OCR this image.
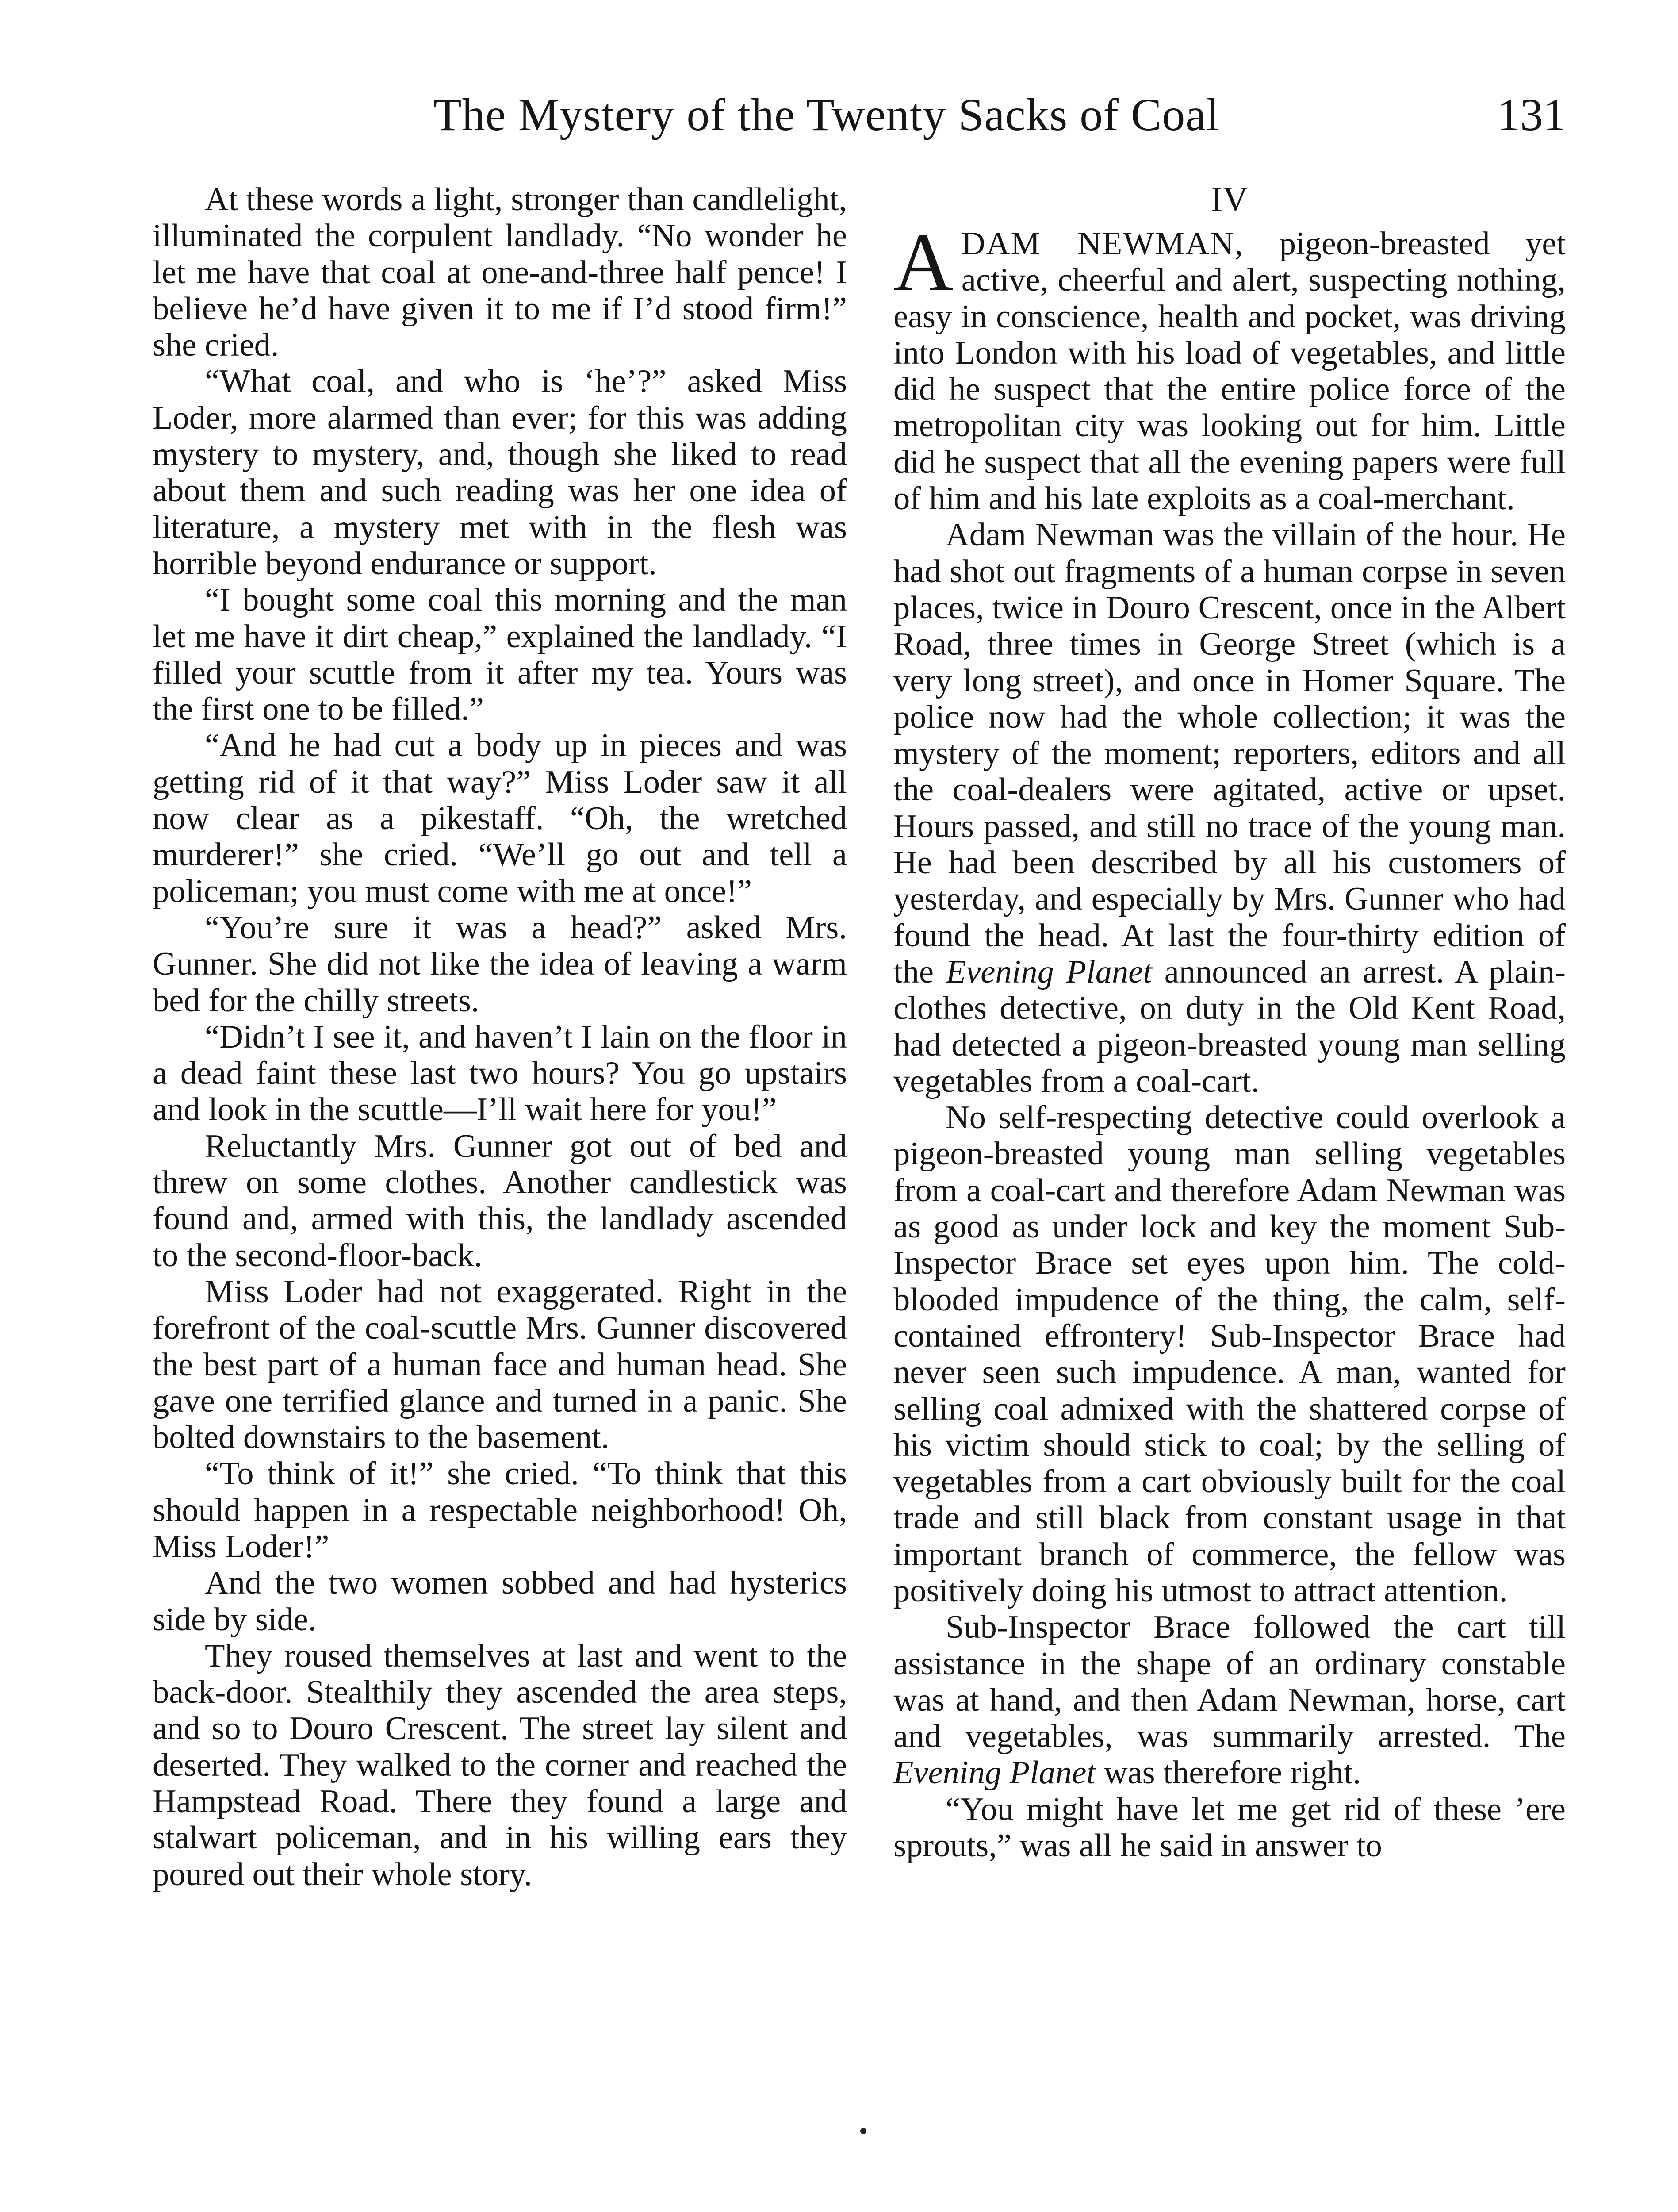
The Mystery of the Twenty Sacks of Coal	131

At these words a light, stronger than candlelight, illuminated the corpulent landlady. “No wonder he let me have that coal at one-and-three half pence! I believe he’d have given it to me if I’d stood firm!” she cried.

“What coal, and who is ‘he’?” asked Miss Loder, more alarmed than ever; for this was adding mystery to mystery, and, though she liked to read about them and such reading was her one idea of literature, a mystery met with in the flesh was horrible beyond endurance or support.

“I bought some coal this morning and the man let me have it dirt cheap,” explained the landlady. “I filled your scuttle from it after my tea. Yours was the first one to be filled.”

“And he had cut a body up in pieces and was getting rid of it that way?” Miss Loder saw it all now clear as a pikestaff. “Oh, the wretched murderer!” she cried. “We’ll go out and tell a policeman; you must come with me at once!”

“You’re sure it was a head?” asked Mrs. Gunner. She did not like the idea of leaving a warm bed for the chilly streets.

“Didn’t I see it, and haven’t I lain on the floor in a dead faint these last two hours? You go upstairs and look in the scuttle—I’ll wait here for you!”

Reluctantly Mrs. Gunner got out of bed and threw on some clothes. Another candlestick was found and, armed with this, the landlady ascended to the second-floor-back.

Miss Loder had not exaggerated. Right in the forefront of the coal-scuttle Mrs. Gunner discovered the best part of a human face and human head. She gave one terrified glance and turned in a panic. She bolted downstairs to the basement.

“To think of it!” she cried. “To think that this should happen in a respectable neighborhood! Oh, Miss Loder!”

And the two women sobbed and had hysterics side by side.

They roused themselves at last and went to the back-door. Stealthily they ascended the area steps, and so to Douro Crescent. The street lay silent and deserted. They walked to the corner and reached the Hampstead Road. There they found a large and stalwart policeman, and in his willing ears they poured out their whole story.

IV

ADAM NEWMAN, pigeon-breasted yet active, cheerful and alert, suspecting nothing, easy in conscience, health and pocket, was driving into London with his load of vegetables, and little did he suspect that the entire police force of the metropolitan city was looking out for him. Little did he suspect that all the evening papers were full of him and his late exploits as a coal-merchant.

Adam Newman was the villain of the hour. He had shot out fragments of a human corpse in seven places, twice in Douro Crescent, once in the Albert Road, three times in George Street (which is a very long street), and once in Homer Square. The police now had the whole collection; it was the mystery of the moment; reporters, editors and all the coal-dealers were agitated, active or upset. Hours passed, and still no trace of the young man. He had been described by all his customers of yesterday, and especially by Mrs. Gunner who had found the head. At last the four-thirty edition of the Evening Planet announced an arrest. A plain-clothes detective, on duty in the Old Kent Road, had detected a pigeon-breasted young man selling vegetables from a coal-cart.

No self-respecting detective could overlook a pigeon-breasted young man selling vegetables from a coal-cart and therefore Adam Newman was as good as under lock and key the moment Sub-Inspector Brace set eyes upon him. The cold-blooded impudence of the thing, the calm, self-contained effrontery! Sub-Inspector Brace had never seen such impudence. A man, wanted for selling coal admixed with the shattered corpse of his victim should stick to coal; by the selling of vegetables from a cart obviously built for the coal trade and still black from constant usage in that important branch of commerce, the fellow was positively doing his utmost to attract attention.

Sub-Inspector Brace followed the cart till assistance in the shape of an ordinary constable was at hand, and then Adam Newman, horse, cart and vegetables, was summarily arrested. The Evening Planet was therefore right.

“You might have let me get rid of these ’ere sprouts,” was all he said in answer to
